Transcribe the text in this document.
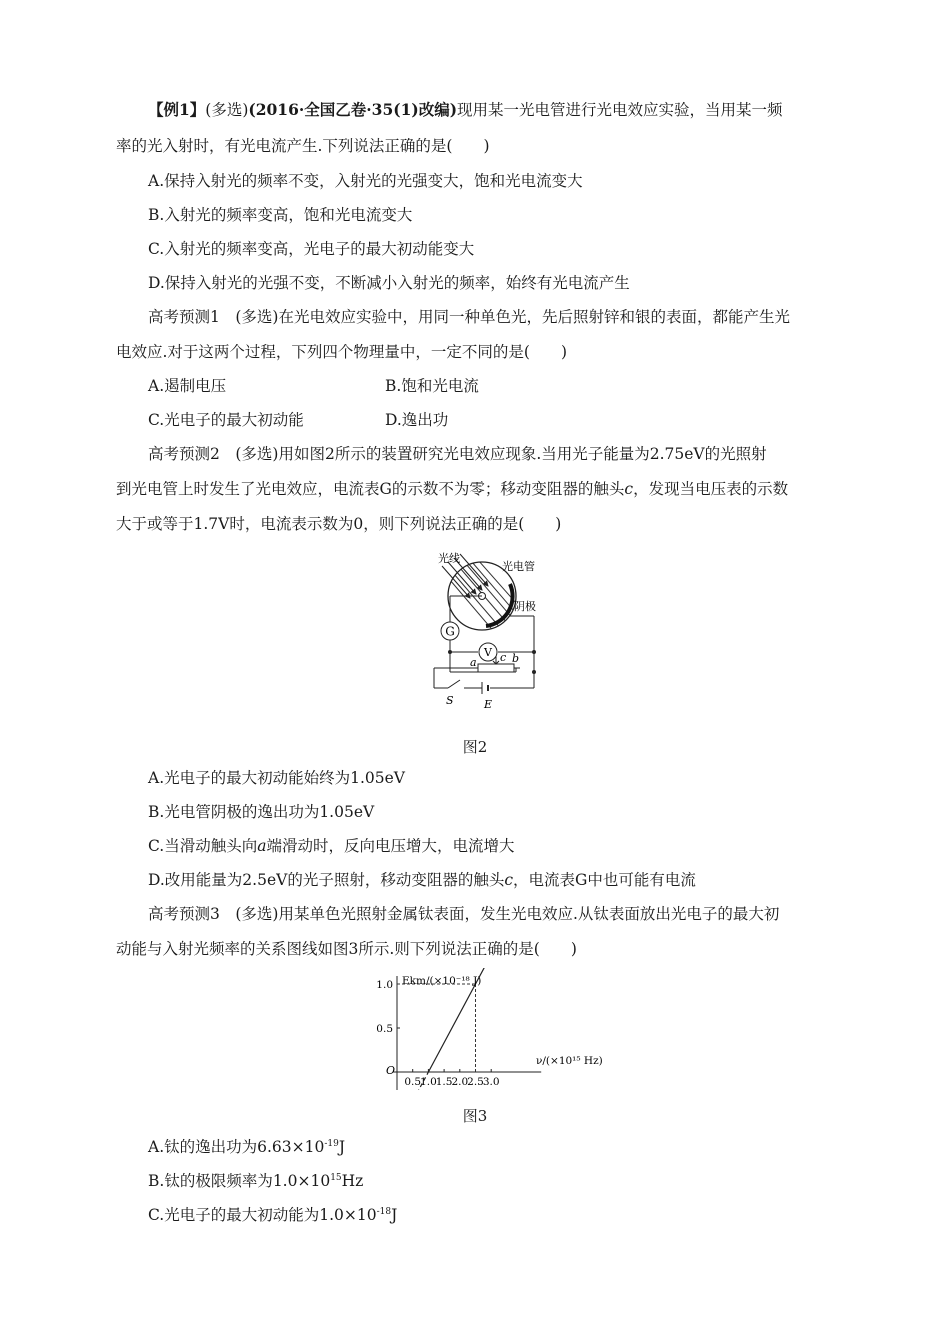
【例1】(多选)(2016·全国乙卷·35(1)改编)现用某一光电管进行光电效应实验，当用某一频
率的光入射时，有光电流产生.下列说法正确的是(　　)
A.保持入射光的频率不变，入射光的光强变大，饱和光电流变大
B.入射光的频率变高，饱和光电流变大
C.入射光的频率变高，光电子的最大初动能变大
D.保持入射光的光强不变，不断减小入射光的频率，始终有光电流产生
高考预测1　(多选)在光电效应实验中，用同一种单色光，先后照射锌和银的表面，都能产生光
电效应.对于这两个过程，下列四个物理量中，一定不同的是(　　)
A.遏制电压	B.饱和光电流
C.光电子的最大初动能	D.逸出功
高考预测2　(多选)用如图2所示的装置研究光电效应现象.当用光子能量为2.75eV的光照射
到光电管上时发生了光电效应，电流表G的示数不为零；移动变阻器的触头c，发现当电压表的示数
大于或等于1.7V时，电流表示数为0，则下列说法正确的是(　　)
G
V
光线
光电管
阴极
a c b
S	E
图2
A.光电子的最大初动能始终为1.05eV
B.光电管阴极的逸出功为1.05eV
C.当滑动触头向a端滑动时，反向电压增大，电流增大
D.改用能量为2.5eV的光子照射，移动变阻器的触头c，电流表G中也可能有电流
高考预测3　(多选)用某单色光照射金属钛表面，发生光电效应.从钛表面放出光电子的最大初
动能与入射光频率的关系图线如图3所示.则下列说法正确的是(　　)
0.5
1.0
1.5
2.0
2.5
3.0
0.5
1.0 Ekm/(×10⁻¹⁸ J)
ν/(×10¹⁵ Hz)
O
图3
A.钛的逸出功为$6.63\times 10^{-19}J$
B.钛的极限频率为$1.0\times 10^{15}Hz$
C.光电子的最大初动能为$1.0\times 10^{-18}J$
